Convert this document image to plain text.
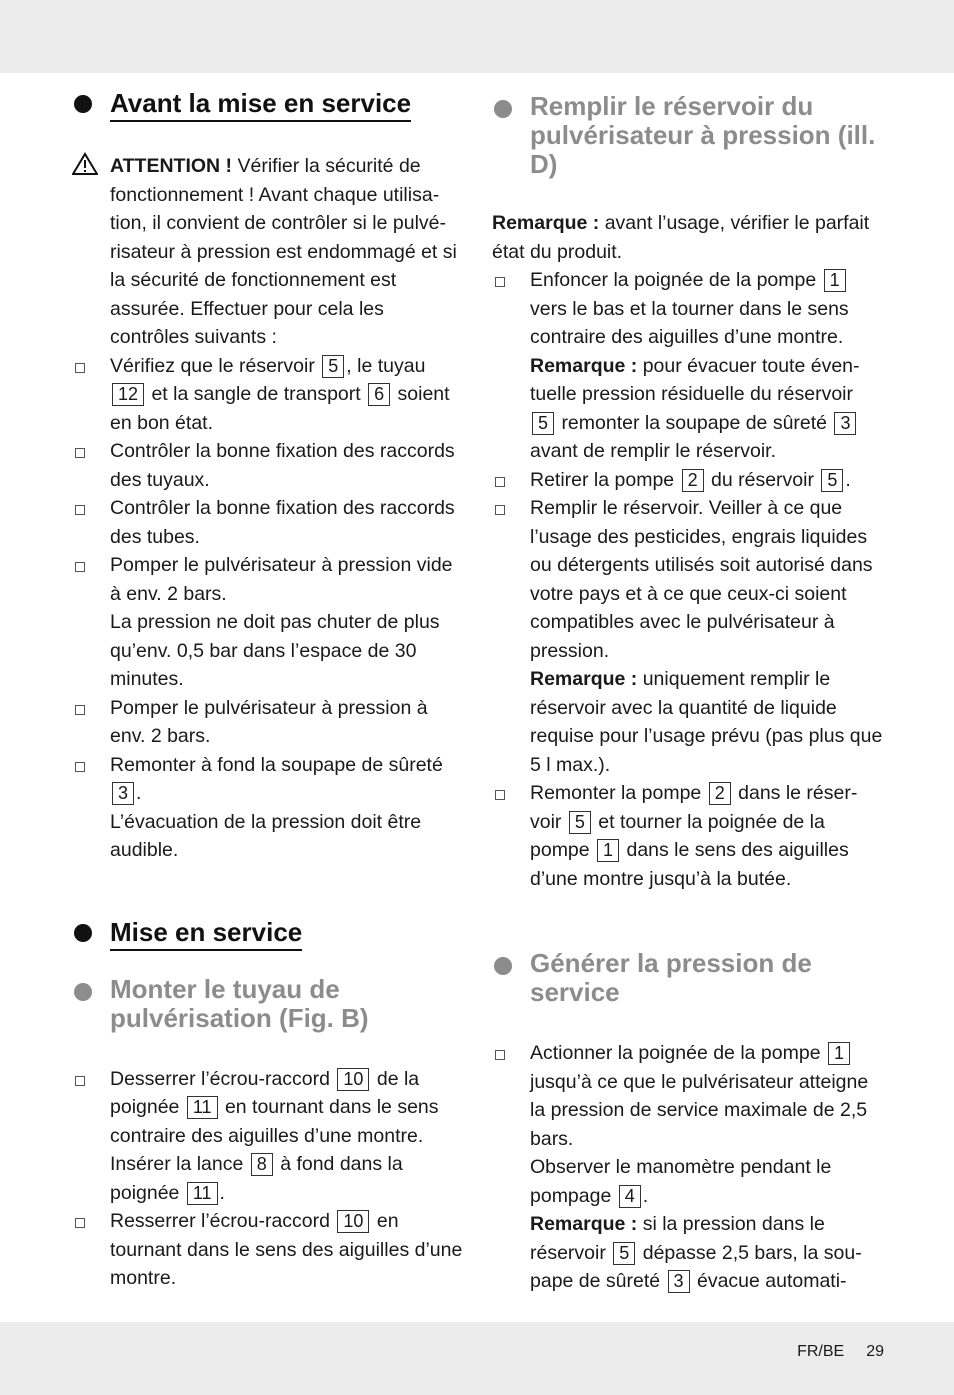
Avant la mise en service
ATTENTION ! Vérifier la sécurité de fonctionnement ! Avant chaque utilisa-tion, il convient de contrôler si le pulvé-risateur à pression est endommagé et si la sécurité de fonctionnement est assurée. Effectuer pour cela les contrôles suivants :
Vérifiez que le réservoir 5 , le tuyau 12 et la sangle de transport 6 soient en bon état.
Contrôler la bonne fixation des raccords des tuyaux.
Contrôler la bonne fixation des raccords des tubes.
Pomper le pulvérisateur à pression vide à env. 2 bars.
La pression ne doit pas chuter de plus qu’env. 0,5 bar dans l’espace de 30 minutes.
Pomper le pulvérisateur à pression à env. 2 bars.
Remonter à fond la soupape de sûreté 3 .
L’évacuation de la pression doit être audible.
Mise en service
Monter le tuyau de pulvérisation (Fig. B)
Desserrer l’écrou-raccord 10 de la poignée 11 en tournant dans le sens contraire des aiguilles d’une montre. Insérer la lance 8 à fond dans la poignée 11 .
Resserrer l’écrou-raccord 10 en tournant dans le sens des aiguilles d’une montre.
Remplir le réservoir du pulvérisateur à pression (ill. D)
Remarque : avant l’usage, vérifier le parfait état du produit.
Enfoncer la poignée de la pompe 1 vers le bas et la tourner dans le sens contraire des aiguilles d’une montre.
Remarque : pour évacuer toute éven-tuelle pression résiduelle du réservoir 5 remonter la soupape de sûreté 3 avant de remplir le réservoir.
Retirer la pompe 2 du réservoir 5 .
Remplir le réservoir. Veiller à ce que l’usage des pesticides, engrais liquides ou détergents utilisés soit autorisé dans votre pays et à ce que ceux-ci soient compatibles avec le pulvérisateur à pression.
Remarque : uniquement remplir le réservoir avec la quantité de liquide requise pour l’usage prévu (pas plus que 5 l max.).
Remonter la pompe 2 dans le réser-voir 5 et tourner la poignée de la pompe 1 dans le sens des aiguilles d’une montre jusqu’à la butée.
Générer la pression de service
Actionner la poignée de la pompe 1 jusqu’à ce que le pulvérisateur atteigne la pression de service maximale de 2,5 bars.
Observer le manomètre pendant le pompage 4 .
Remarque : si la pression dans le réservoir 5 dépasse 2,5 bars, la sou-pape de sûreté 3 évacue automati-
FR/BE 29
